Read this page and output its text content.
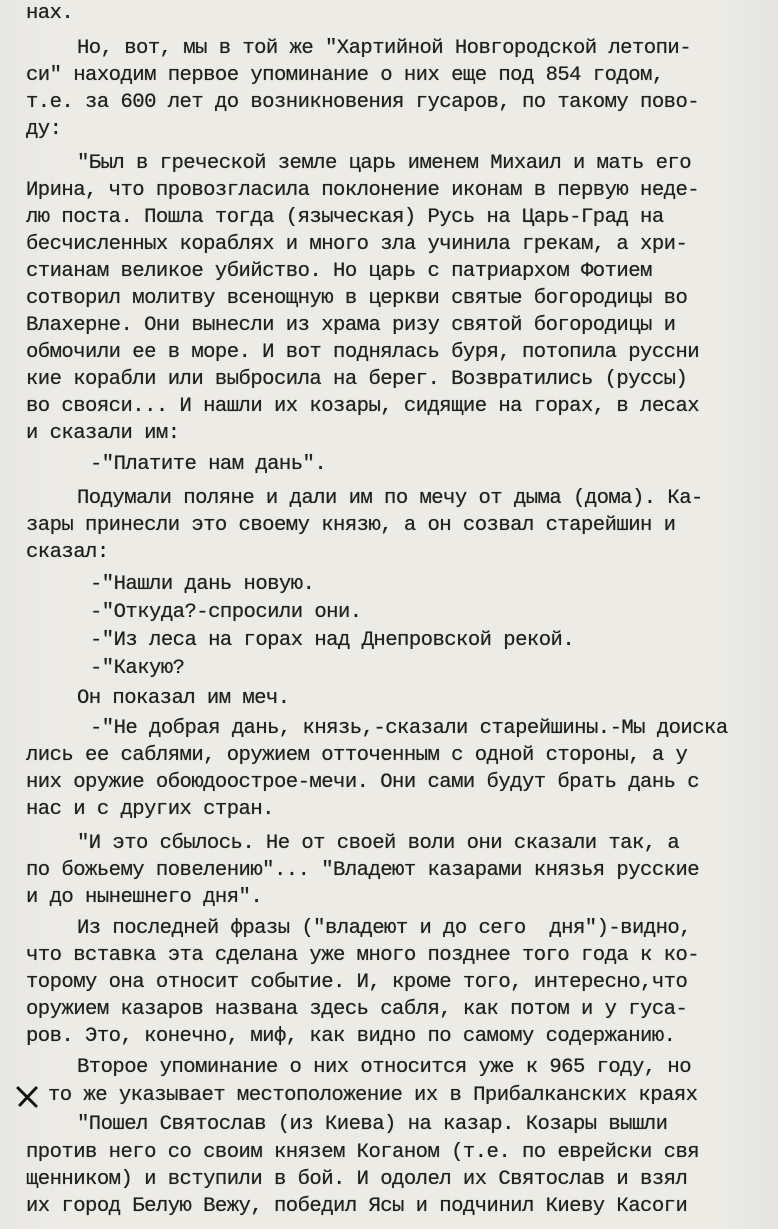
нах.
Но, вот, мы в той же "Хартийной Новгородской летопи-
си" находим первое упоминание о них еще под 854 годом,
т.е. за 600 лет до возникновения гусаров, по такому пово-
ду:
"Был в греческой земле царь именем Михаил и мать его
Ирина, что провозгласила поклонение иконам в первую неде-
лю поста. Пошла тогда (языческая) Русь на Царь-Град на
бесчисленных кораблях и много зла учинила грекам, а хри-
стианам великое убийство. Но царь с патриархом Фотием
сотворил молитву всенощную в церкви святые богородицы во
Влахерне. Они вынесли из храма ризу святой богородицы и
обмочили ее в море. И вот поднялась буря, потопила руссни
кие корабли или выбросила на берег. Возвратились (руссы)
во свояси... И нашли их козары, сидящие на горах, в лесах
и сказали им:
-"Платите нам дань".
Подумали поляне и дали им по мечу от дыма (дома). Ка-
зары принесли это своему князю, а он созвал старейшин и
сказал:
-"Нашли дань новую.
-"Откуда?-спросили они.
-"Из леса на горах над Днепровской рекой.
-"Какую?
Он показал им меч.
-"Не добрая дань, князь,-сказали старейшины.-Мы доиска
лись ее саблями, оружием отточенным с одной стороны, а у
них оружие обоюдоострое-мечи. Они сами будут брать дань с
нас и с других стран.
"И это сбылось. Не от своей воли они сказали так, а
по божьему повелению"... "Владеют казарами князья русские
и до нынешнего дня".
Из последней фразы ("владеют и до сего  дня")-видно,
что вставка эта сделана уже много позднее того года к ко-
торому она относит событие. И, кроме того, интересно,что
оружием казаров названа здесь сабля, как потом и у гуса-
ров. Это, конечно, миф, как видно по самому содержанию.
Второе упоминание о них относится уже к 965 году, но
то же указывает местоположение их в Прибалканских краях
"Пошел Святослав (из Киева) на казар. Козары вышли
против него со своим князем Коганом (т.е. по еврейски свя
щенником) и вступили в бой. И одолел их Святослав и взял
их город Белую Вежу, победил Ясы и подчинил Киеву Касоги
